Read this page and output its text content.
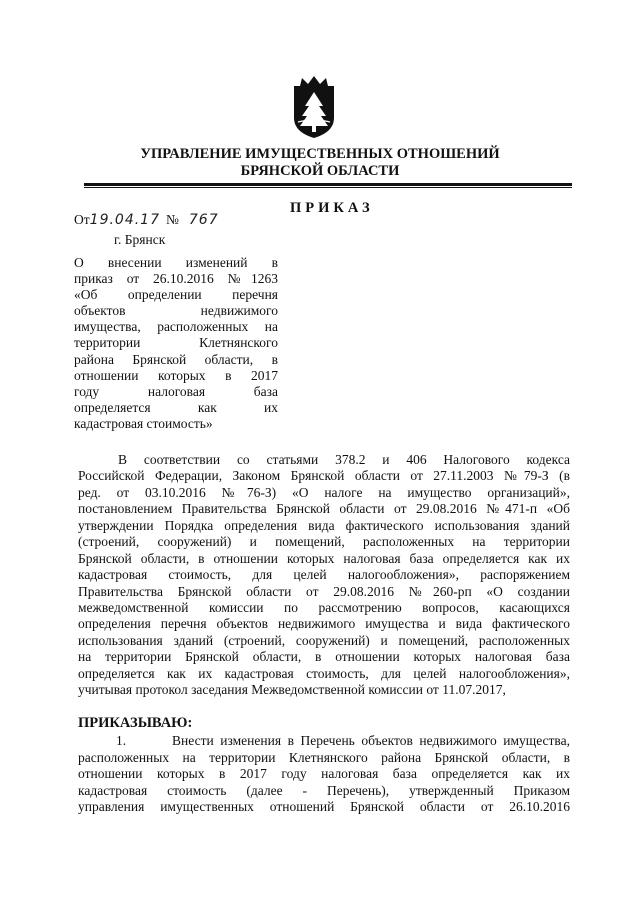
УПРАВЛЕНИЕ ИМУЩЕСТВЕННЫХ ОТНОШЕНИЙ
БРЯНСКОЙ ОБЛАСТИ
ПРИКАЗ
От19.04.17 № 767
г. Брянск
О внесении изменений в
приказ от 26.10.2016 №1263
«Об определении перечня
объектов недвижимого
имущества, расположенных на
территории Клетнянского
района Брянской области, в
отношении которых в 2017
году налоговая база
определяется как их
кадастровая стоимость»
В соответствии со статьями 378.2 и 406 Налогового кодекса
Российской Федерации, Законом Брянской области от 27.11.2003 №79-З (в
ред. от 03.10.2016 №76-З) «О налоге на имущество организаций»,
постановлением Правительства Брянской области от 29.08.2016 №471-п «Об
утверждении Порядка определения вида фактического использования зданий
(строений, сооружений) и помещений, расположенных на территории
Брянской области, в отношении которых налоговая база определяется как их
кадастровая стоимость, для целей налогообложения», распоряжением
Правительства Брянской области от 29.08.2016 №260-рп «О создании
межведомственной комиссии по рассмотрению вопросов, касающихся
определения перечня объектов недвижимого имущества и вида фактического
использования зданий (строений, сооружений) и помещений, расположенных
на территории Брянской области, в отношении которых налоговая база
определяется как их кадастровая стоимость, для целей налогообложения»,
учитывая протокол заседания Межведомственной комиссии от 11.07.2017,
ПРИКАЗЫВАЮ:
1.       Внести изменения в Перечень объектов недвижимого имущества,
расположенных на территории Клетнянского района Брянской области, в
отношении которых в 2017 году налоговая база определяется как их
кадастровая стоимость (далее - Перечень), утвержденный Приказом
управления имущественных отношений Брянской области от 26.10.2016
